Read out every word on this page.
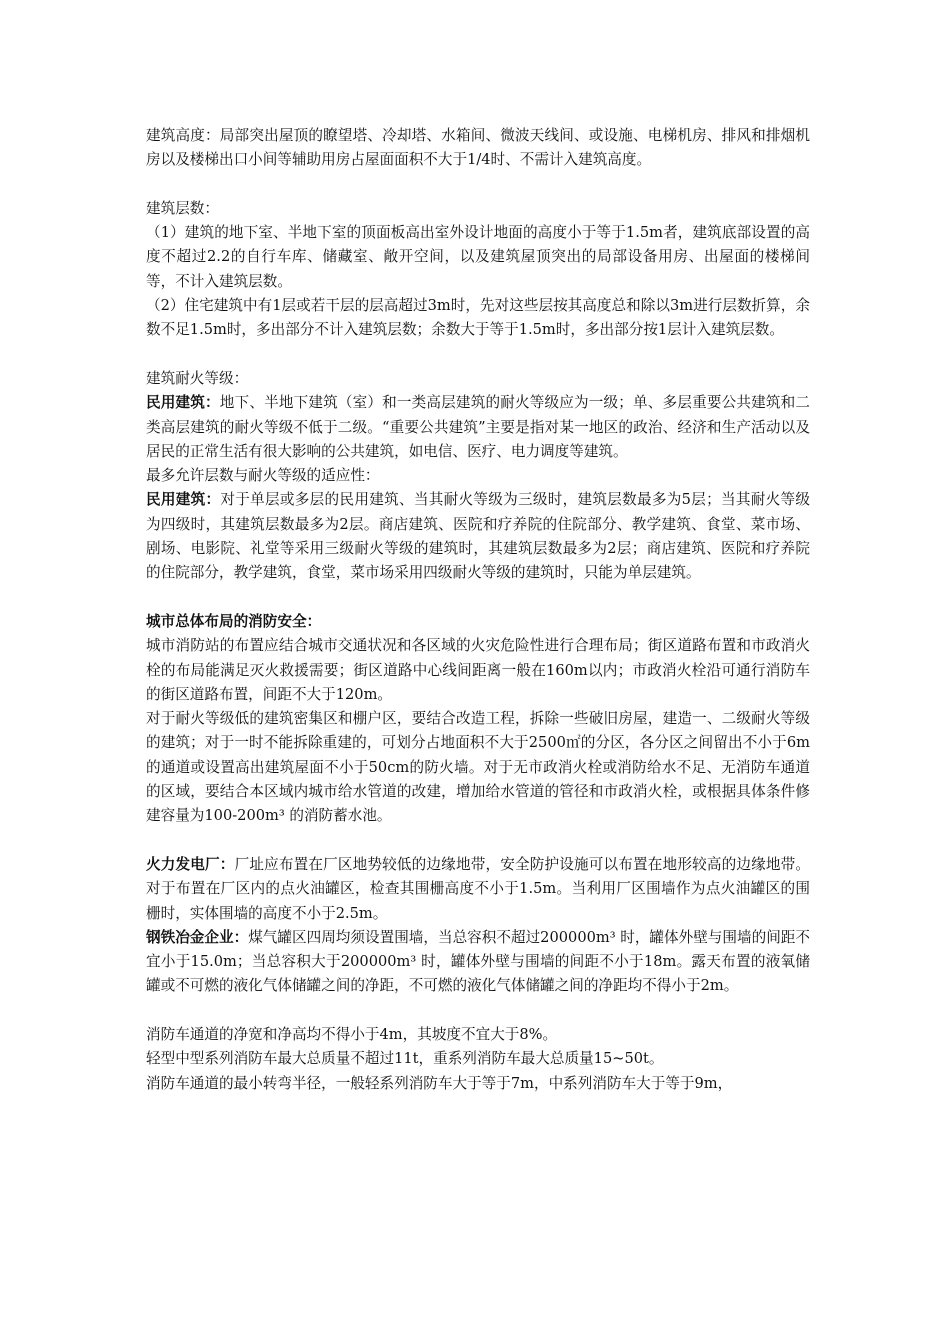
建筑高度：局部突出屋顶的瞭望塔、冷却塔、水箱间、微波天线间、或设施、电梯机房、排风和排烟机房以及楼梯出口小间等辅助用房占屋面面积不大于1/4时、不需计入建筑高度。

建筑层数：

（1）建筑的地下室、半地下室的顶面板高出室外设计地面的高度小于等于1.5m者，建筑底部设置的高度不超过2.2的自行车库、储藏室、敞开空间，以及建筑屋顶突出的局部设备用房、出屋面的楼梯间等，不计入建筑层数。

（2）住宅建筑中有1层或若干层的层高超过3m时，先对这些层按其高度总和除以3m进行层数折算，余数不足1.5m时，多出部分不计入建筑层数；余数大于等于1.5m时，多出部分按1层计入建筑层数。

建筑耐火等级：

民用建筑：地下、半地下建筑（室）和一类高层建筑的耐火等级应为一级；单、多层重要公共建筑和二类高层建筑的耐火等级不低于二级。“重要公共建筑”主要是指对某一地区的政治、经济和生产活动以及居民的正常生活有很大影响的公共建筑，如电信、医疗、电力调度等建筑。

最多允许层数与耐火等级的适应性：

民用建筑：对于单层或多层的民用建筑、当其耐火等级为三级时，建筑层数最多为5层；当其耐火等级为四级时，其建筑层数最多为2层。商店建筑、医院和疗养院的住院部分、教学建筑、食堂、菜市场、剧场、电影院、礼堂等采用三级耐火等级的建筑时，其建筑层数最多为2层；商店建筑、医院和疗养院的住院部分，教学建筑，食堂，菜市场采用四级耐火等级的建筑时，只能为单层建筑。

城市总体布局的消防安全：

城市消防站的布置应结合城市交通状况和各区域的火灾危险性进行合理布局；街区道路布置和市政消火栓的布局能满足灭火救援需要；街区道路中心线间距离一般在160m以内；市政消火栓沿可通行消防车的街区道路布置，间距不大于120m。

对于耐火等级低的建筑密集区和棚户区，要结合改造工程，拆除一些破旧房屋，建造一、二级耐火等级的建筑；对于一时不能拆除重建的，可划分占地面积不大于2500㎡的分区，各分区之间留出不小于6m的通道或设置高出建筑屋面不小于50cm的防火墙。对于无市政消火栓或消防给水不足、无消防车通道的区域，要结合本区域内城市给水管道的改建，增加给水管道的管径和市政消火栓，或根据具体条件修建容量为100-200m³ 的消防蓄水池。

火力发电厂：厂址应布置在厂区地势较低的边缘地带，安全防护设施可以布置在地形较高的边缘地带。对于布置在厂区内的点火油罐区，检查其围栅高度不小于1.5m。当利用厂区围墙作为点火油罐区的围栅时，实体围墙的高度不小于2.5m。

钢铁冶金企业：煤气罐区四周均须设置围墙，当总容积不超过200000m³ 时，罐体外壁与围墙的间距不宜小于15.0m；当总容积大于200000m³ 时，罐体外壁与围墙的间距不小于18m。露天布置的液氧储罐或不可燃的液化气体储罐之间的净距，不可燃的液化气体储罐之间的净距均不得小于2m。

消防车通道的净宽和净高均不得小于4m，其坡度不宜大于8%。

轻型中型系列消防车最大总质量不超过11t，重系列消防车最大总质量15~50t。

消防车通道的最小转弯半径，一般轻系列消防车大于等于7m，中系列消防车大于等于9m，
